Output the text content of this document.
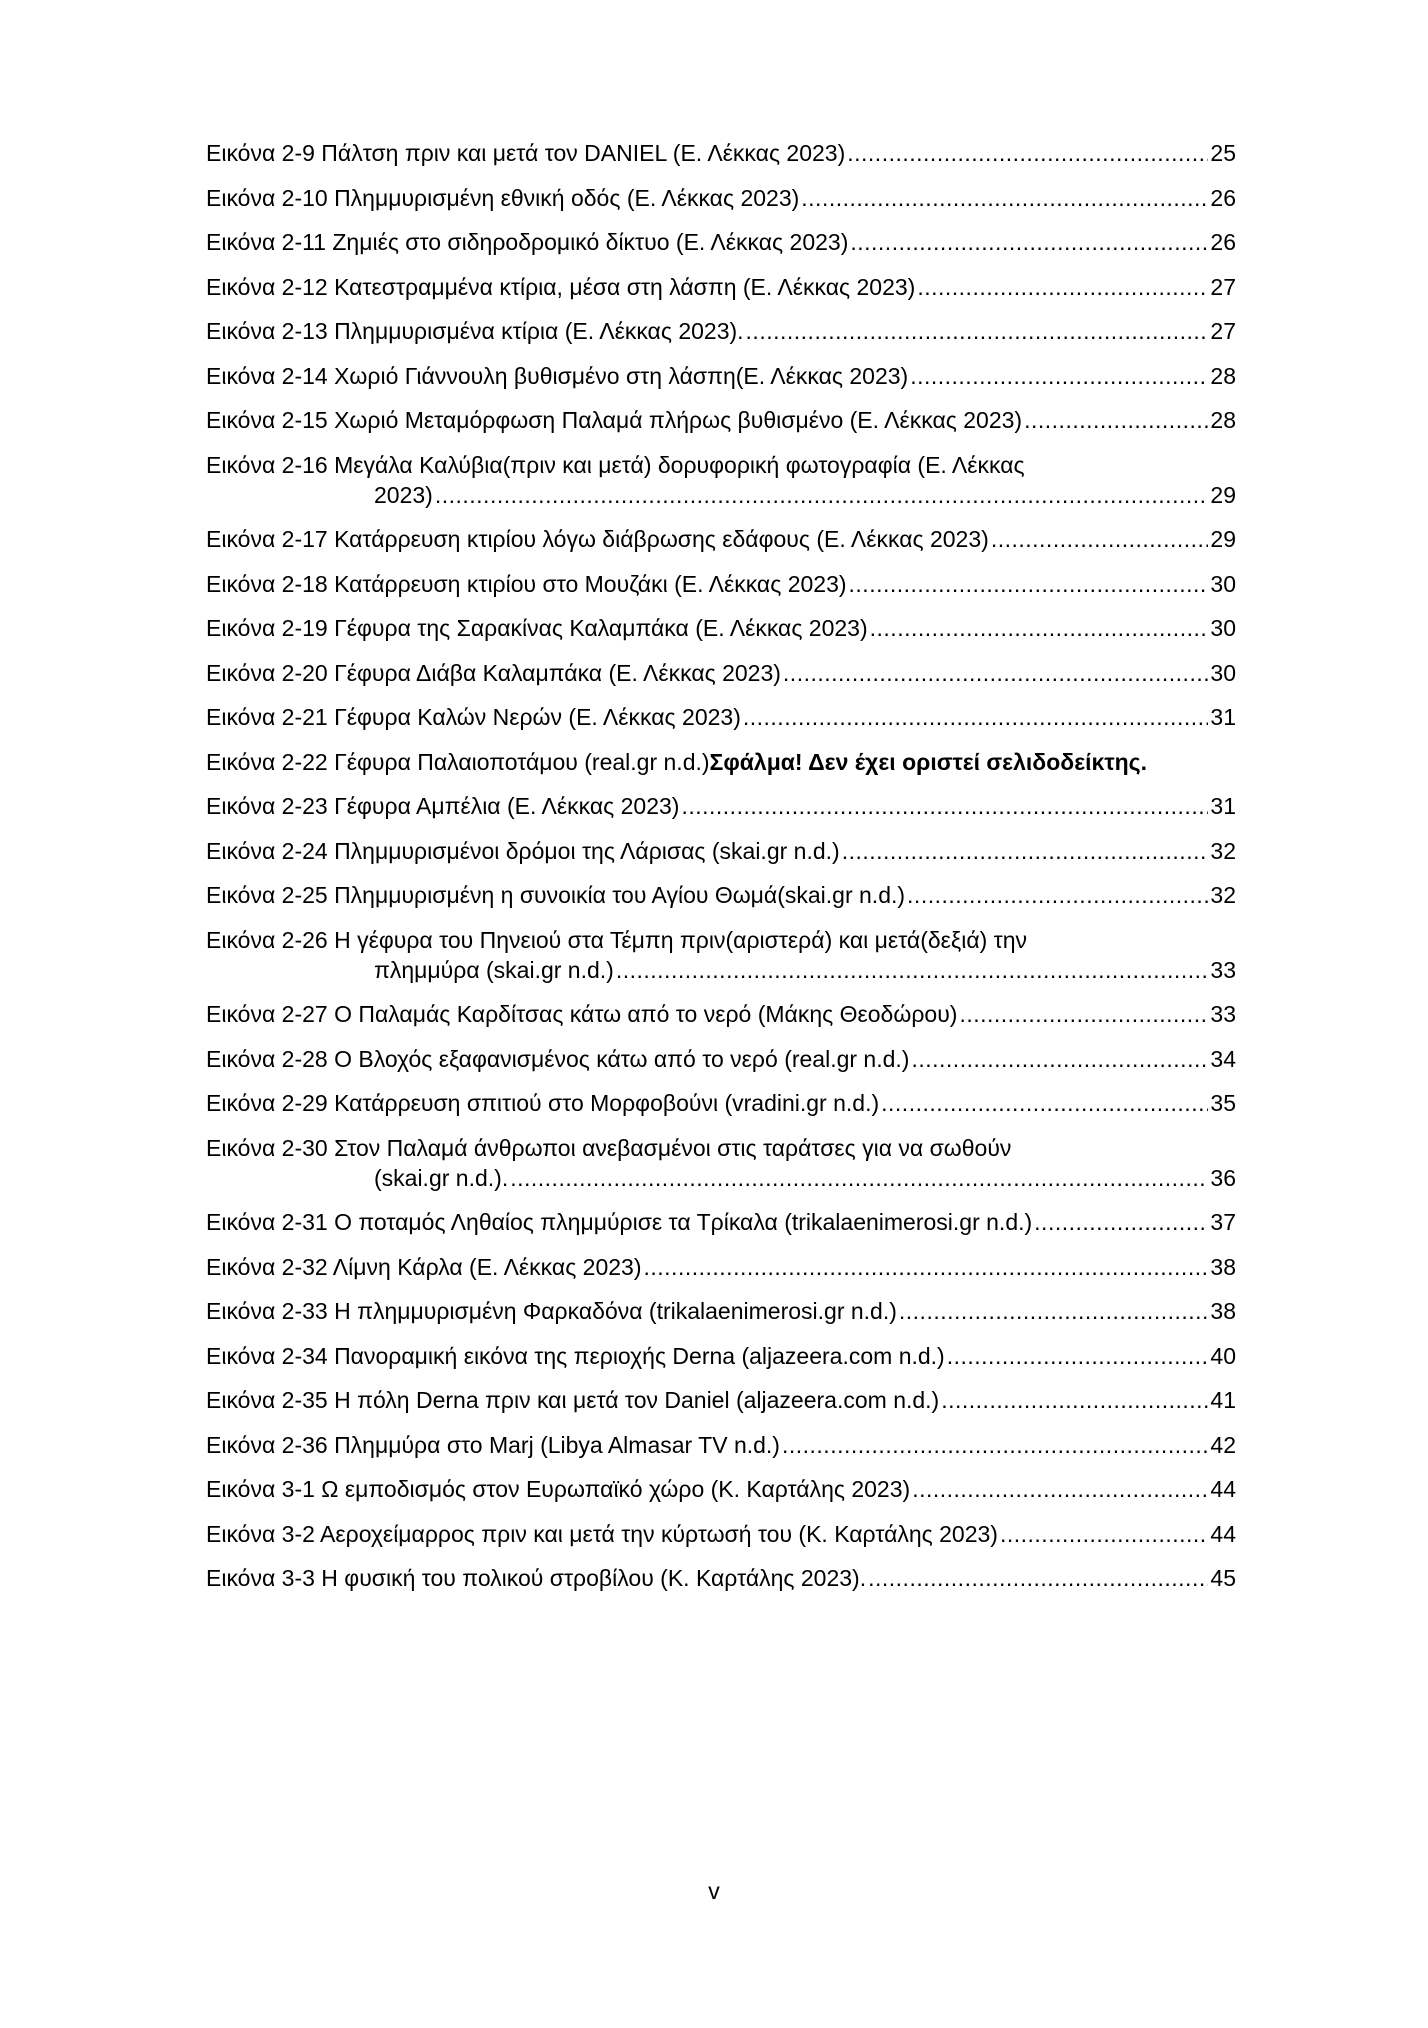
Εικόνα 2-9 Πάλτση πριν και μετά τον DANIEL (Ε. Λέκκας 2023) .....	25
Εικόνα 2-10 Πλημμυρισμένη εθνική οδός (Ε. Λέκκας 2023) .....	26
Εικόνα 2-11 Ζημιές στο σιδηροδρομικό δίκτυο (Ε. Λέκκας 2023) .....	26
Εικόνα 2-12 Κατεστραμμένα κτίρια, μέσα στη λάσπη (Ε. Λέκκας 2023) .....	27
Εικόνα 2-13 Πλημμυρισμένα κτίρια (Ε. Λέκκας 2023). .....	27
Εικόνα 2-14 Χωριό Γιάννουλη βυθισμένο στη λάσπη(Ε. Λέκκας 2023) .....	28
Εικόνα 2-15 Χωριό Μεταμόρφωση Παλαμά πλήρως βυθισμένο (Ε. Λέκκας 2023) .....	28
Εικόνα 2-16 Μεγάλα Καλύβια(πριν και μετά) δορυφορική φωτογραφία (Ε. Λέκκας
2023) .....	29
Εικόνα 2-17 Κατάρρευση κτιρίου λόγω διάβρωσης εδάφους (Ε. Λέκκας 2023) .....	29
Εικόνα 2-18 Κατάρρευση κτιρίου στο Μουζάκι (Ε. Λέκκας 2023) .....	30
Εικόνα 2-19 Γέφυρα της Σαρακίνας Καλαμπάκα (Ε. Λέκκας 2023) .....	30
Εικόνα 2-20 Γέφυρα Διάβα Καλαμπάκα (Ε. Λέκκας 2023) .....	30
Εικόνα 2-21 Γέφυρα Καλών Νερών (Ε. Λέκκας 2023) .....	31
Εικόνα 2-22 Γέφυρα Παλαιοποτάμου (real.gr n.d.) Σφάλμα! Δεν έχει οριστεί σελιδοδείκτης.
Εικόνα 2-23 Γέφυρα Αμπέλια (Ε. Λέκκας 2023) .....	31
Εικόνα 2-24 Πλημμυρισμένοι δρόμοι της Λάρισας (skai.gr n.d.) .....	32
Εικόνα 2-25 Πλημμυρισμένη η συνοικία του Αγίου Θωμά(skai.gr n.d.) .....	32
Εικόνα 2-26 Η γέφυρα του Πηνειού στα Τέμπη πριν(αριστερά) και μετά(δεξιά) την
πλημμύρα (skai.gr n.d.) .....	33
Εικόνα 2-27 Ο Παλαμάς Καρδίτσας κάτω από το νερό (Μάκης Θεοδώρου) .....	33
Εικόνα 2-28 Ο Βλοχός εξαφανισμένος κάτω από το νερό (real.gr n.d.) .....	34
Εικόνα 2-29 Κατάρρευση σπιτιού στο Μορφοβούνι (vradini.gr n.d.) .....	35
Εικόνα 2-30 Στον Παλαμά άνθρωποι ανεβασμένοι στις ταράτσες για να σωθούν
(skai.gr n.d.). .....	36
Εικόνα 2-31 Ο ποταμός Ληθαίος πλημμύρισε τα Τρίκαλα (trikalaenimerosi.gr n.d.) .....	37
Εικόνα 2-32 Λίμνη Κάρλα (Ε. Λέκκας 2023) .....	38
Εικόνα 2-33 Η πλημμυρισμένη Φαρκαδόνα (trikalaenimerosi.gr n.d.) .....	38
Εικόνα 2-34 Πανοραμική εικόνα της περιοχής Derna (aljazeera.com n.d.) .....	40
Εικόνα 2-35 Η πόλη Derna πριν και μετά τον Daniel (aljazeera.com n.d.) .....	41
Εικόνα 2-36 Πλημμύρα στο Marj (Libya Almasar TV n.d.) .....	42
Εικόνα 3-1 Ω εμποδισμός στον Ευρωπαϊκό χώρο (Κ. Καρτάλης 2023) .....	44
Εικόνα 3-2 Αεροχείμαρρος πριν και μετά την κύρτωσή του (Κ. Καρτάλης 2023) .....	44
Εικόνα 3-3 Η φυσική του πολικού στροβίλου (Κ. Καρτάλης 2023). .....	45
v
